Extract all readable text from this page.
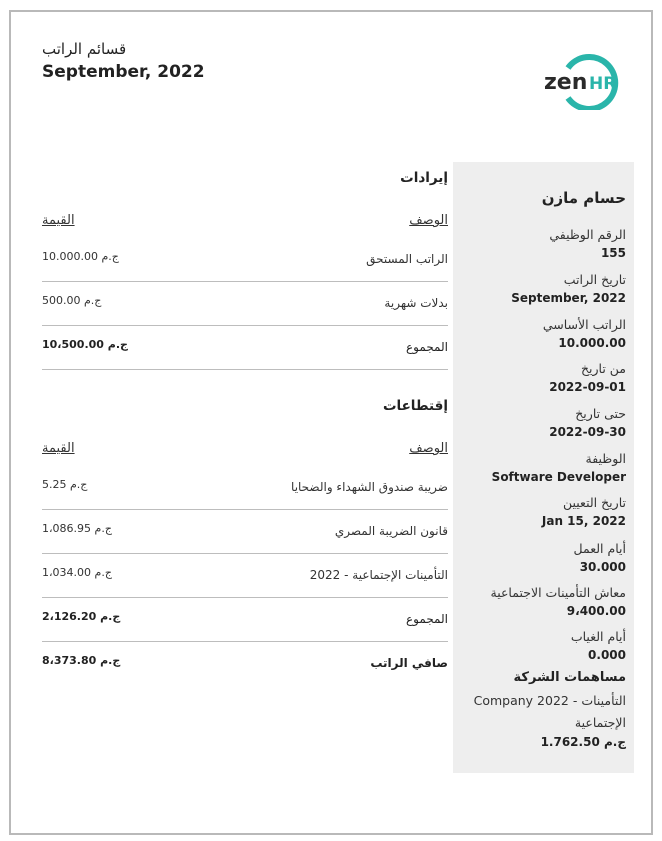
قسائم الراتب
September, 2022	zen HR
حسام مازن
الرقم الوظيفي
155
تاريخ الراتب
September, 2022
الراتب الأساسي
10.000.00
من تاريخ
2022-09-01
حتى تاريخ
2022-09-30
الوظيفة
Software Developer
تاريخ التعيين
Jan 15, 2022
أيام العمل
30.000
معاش التأمينات الاجتماعية
9،400.00
أيام الغياب
0.000
مساهمات الشركة
Company 2022 - التأمينات الإجتماعية
1.762.50 ج.م
إيرادات
الوصف
القيمة
الراتب المستحق
10.000.00 ج.م
بدلات شهرية
500.00 ج.م
المجموع
10،500.00 ج.م
إقتطاعات
الوصف
القيمة
ضريبة صندوق الشهداء والضحايا
5.25 ج.م
قانون الضريبة المصري
1،086.95 ج.م
2022 - التأمينات الإجتماعية
1،034.00 ج.م
المجموع
2،126.20 ج.م
صافي الراتب
8،373.80 ج.م
